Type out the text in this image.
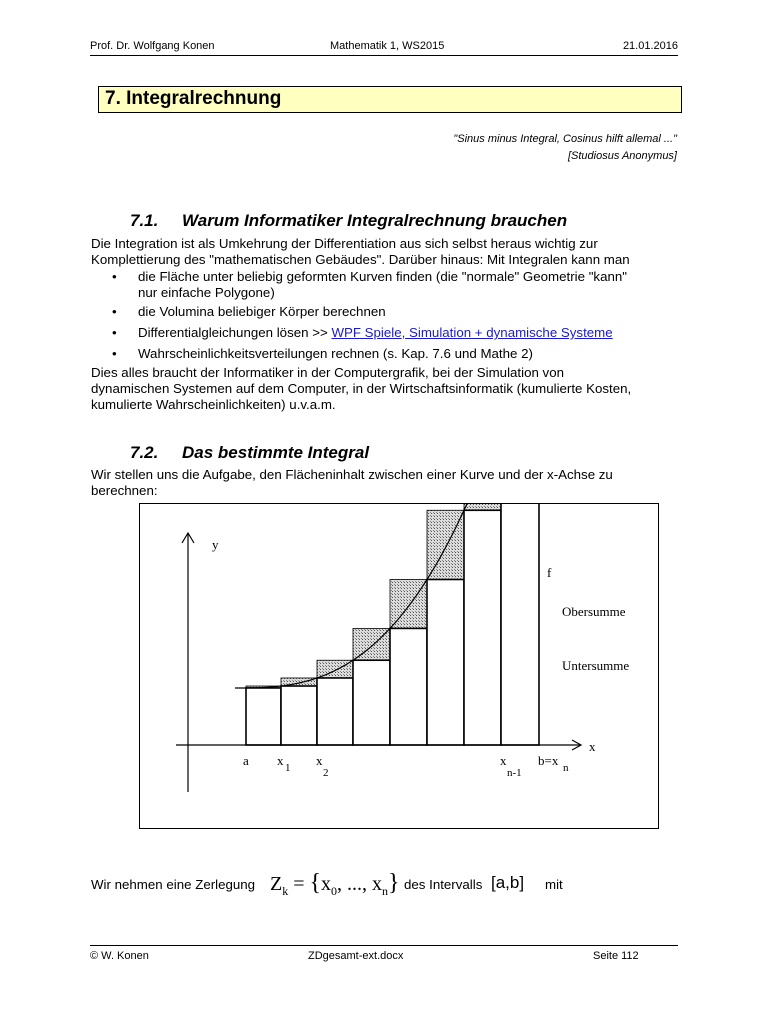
Prof. Dr. Wolfgang Konen	Mathematik 1, WS2015	21.01.2016
7. Integralrechnung
"Sinus minus Integral, Cosinus hilft allemal ..."
[Studiosus Anonymus]
7.1. Warum Informatiker Integralrechnung brauchen
Die Integration ist als Umkehrung der Differentiation aus sich selbst heraus wichtig zur
Komplettierung des "mathematischen Gebäudes". Darüber hinaus: Mit Integralen kann man
• die Fläche unter beliebig geformten Kurven finden (die "normale" Geometrie "kann"
nur einfache Polygone)
• die Volumina beliebiger Körper berechnen
• Differentialgleichungen lösen >> WPF Spiele, Simulation + dynamische Systeme
• Wahrscheinlichkeitsverteilungen rechnen (s. Kap. 7.6 und Mathe 2)
Dies alles braucht der Informatiker in der Computergrafik, bei der Simulation von
dynamischen Systemen auf dem Computer, in der Wirtschaftsinformatik (kumulierte Kosten,
kumulierte Wahrscheinlichkeiten) u.v.a.m.
7.2. Das bestimmte Integral
Wir stellen uns die Aufgabe, den Flächeninhalt zwischen einer Kurve und der x-Achse zu
berechnen:
y
x
f
Obersumme
Untersumme
a x 1 x
2
x
n-1
b=x n
Wir nehmen eine Zerlegung $Z_k = \{x_0$, ..., $x_n$} des Intervalls [a,b] mit
© W. Konen	ZDgesamt-ext.docx	Seite 112
